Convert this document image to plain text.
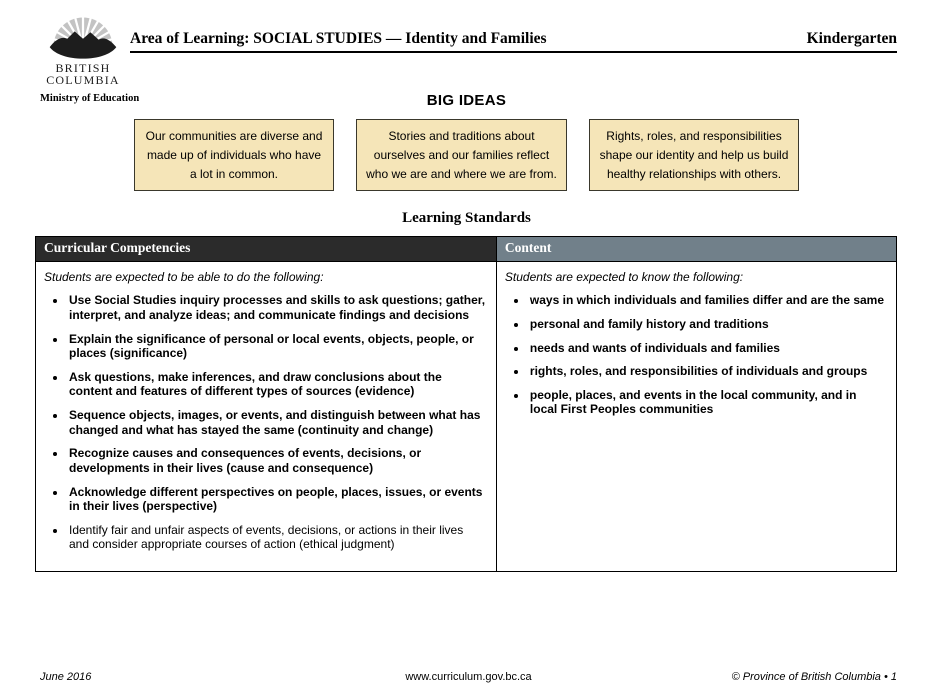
BRITISH
COLUMBIA
Ministry of Education
Area of Learning: SOCIAL STUDIES — Identity and Families	Kindergarten
BIG IDEAS
Our communities are diverse and made up of individuals who have a lot in common.
Stories and traditions about ourselves and our families reflect who we are and where we are from.
Rights, roles, and responsibilities shape our identity and help us build healthy relationships with others.
Learning Standards
Curricular Competencies	Content

Students are expected to be able to do the following:

• Use Social Studies inquiry processes and skills to ask questions; gather, interpret, and analyze ideas; and communicate findings and decisions
• Explain the significance of personal or local events, objects, people, or places (significance)
• Ask questions, make inferences, and draw conclusions about the content and features of different types of sources (evidence)
• Sequence objects, images, or events, and distinguish between what has changed and what has stayed the same (continuity and change)
• Recognize causes and consequences of events, decisions, or developments in their lives (cause and consequence)
• Acknowledge different perspectives on people, places, issues, or events in their lives (perspective)
• Identify fair and unfair aspects of events, decisions, or actions in their lives and consider appropriate courses of action (ethical judgment)

Students are expected to know the following:

• ways in which individuals and families differ and are the same
• personal and family history and traditions
• needs and wants of individuals and families
• rights, roles, and responsibilities of individuals and groups
• people, places, and events in the local community, and in local First Peoples communities
June 2016	www.curriculum.gov.bc.ca	© Province of British Columbia • 1
